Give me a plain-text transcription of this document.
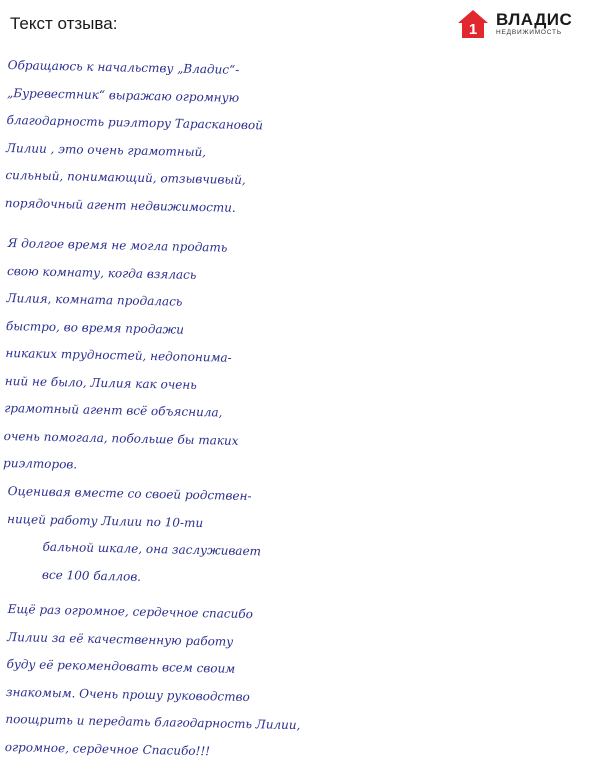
Текст отзыва:	1
ВЛАДИС
НЕДВИЖИМОСТЬ
Обращаюсь к начальству „Владис“-
„Буревестник“ выражаю огромную
благодарность риэлтору Тараскановой
Лилии , это очень грамотный,
сильный, понимающий, отзывчивый,
порядочный агент недвижимости.
Я долгое время не могла продать
свою комнату, когда взялась
Лилия, комната продалась
быстро, во время продажи
никаких трудностей, недопонима-
ний не было, Лилия как очень
грамотный агент всё объяснила,
очень помогала, побольше бы таких
риэлторов.
Оценивая вместе со своей родствен-
ницей работу Лилии по 10-ти
бальной шкале, она заслуживает
все 100 баллов.
Ещё раз огромное, сердечное спасибо
Лилии за её качественную работу
буду её рекомендовать всем своим
знакомым. Очень прошу руководство
поощрить и передать благодарность Лилии,
огромное, сердечное Спасибо!!!
